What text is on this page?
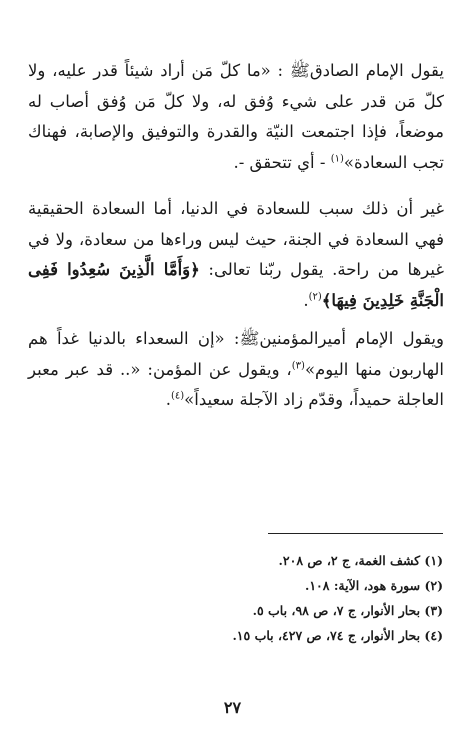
يقول الإمام الصادقﷺ : «ما كلّ مَن أراد شيئاً قدر عليه، ولا كلّ مَن قدر على شيء وُفق له، ولا كلّ مَن وُفق أصاب له موضعاً، فإذا اجتمعت النيّة والقدرة والتوفيق والإصابة، فهناك تجب السعادة»$^{(١)}$ - أي تتحقق -.

غير أن ذلك سبب للسعادة في الدنيا، أما السعادة الحقيقية فهي السعادة في الجنة، حيث ليس وراءها من سعادة، ولا في غيرها من راحة. يقول ربّنا تعالى: ﴿وَأَمَّا الَّذِينَ سُعِدُوا فَفِى الْجَنَّةِ خَلِدِينَ فِيهَا﴾$^{(٢)}$.

ويقول الإمام أميرالمؤمنينﷺ: «إن السعداء بالدنيا غداً هم الهاربون منها اليوم»$^{(٣)}$، ويقول عن المؤمن: «.. قد عبر معبر العاجلة حميداً، وقدّم زاد الآجلة سعيداً»$^{(٤)}$.

(١) كشف الغمة، ج ٢، ص ٢٠٨.

(٢) سورة هود، الآية: ١٠٨.

(٣) بحار الأنوار، ج ٧، ص ٩٨، باب ٥.

(٤) بحار الأنوار، ج ٧٤، ص ٤٢٧، باب ١٥.

٢٧
